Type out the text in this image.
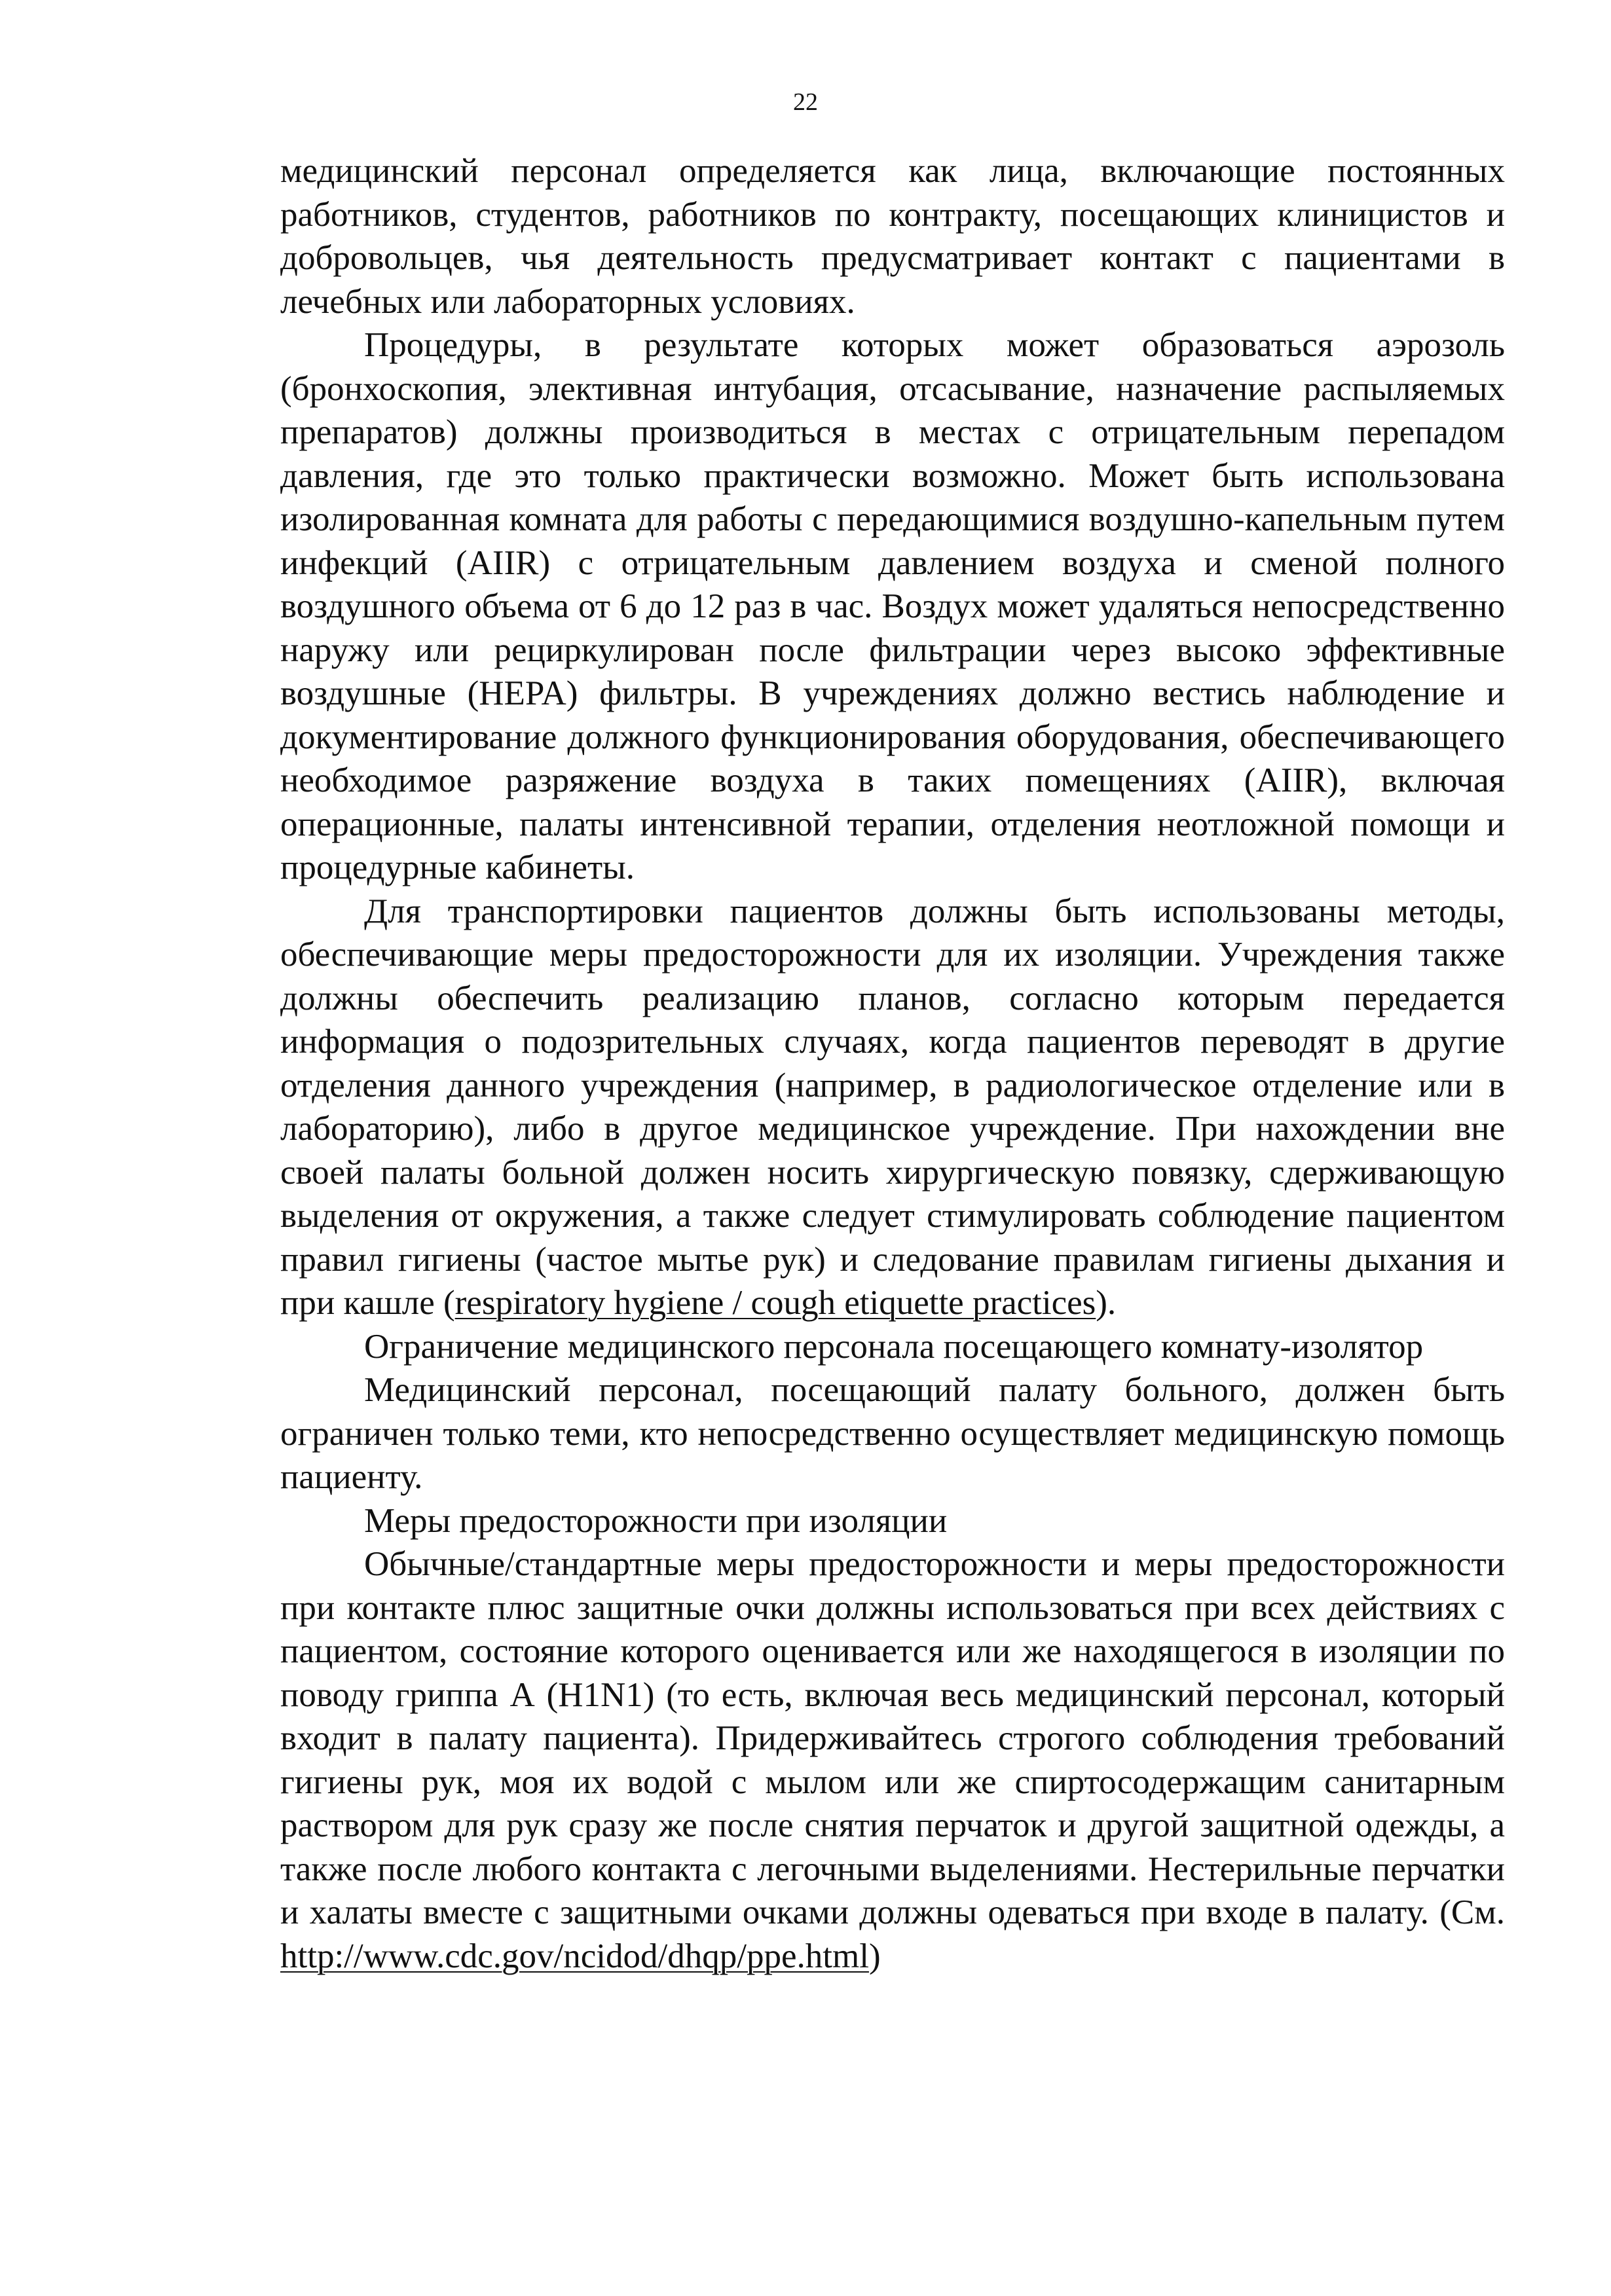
22

медицинский персонал определяется как лица, включающие постоянных работников, студентов, работников по контракту, посещающих клиницистов и добровольцев, чья деятельность предусматривает контакт с пациентами в лечебных или лабораторных условиях.

Процедуры, в результате которых может образоваться аэрозоль (бронхоскопия, элективная интубация, отсасывание, назначение распыляемых препаратов) должны производиться в местах с отрицательным перепадом давления, где это только практически возможно. Может быть использована изолированная комната для работы с передающимися воздушно-капельным путем инфекций (AIIR) с отрицательным давлением воздуха и сменой полного воздушного объема от 6 до 12 раз в час. Воздух может удаляться непосредственно наружу или рециркулирован после фильтрации через высоко эффективные воздушные (HEPA) фильтры. В учреждениях должно вестись наблюдение и документирование должного функционирования оборудования, обеспечивающего необходимое разряжение воздуха в таких помещениях (AIIR), включая операционные, палаты интенсивной терапии, отделения неотложной помощи и процедурные кабинеты.

Для транспортировки пациентов должны быть использованы методы, обеспечивающие меры предосторожности для их изоляции. Учреждения также должны обеспечить реализацию планов, согласно которым передается информация о подозрительных случаях, когда пациентов переводят в другие отделения данного учреждения (например, в радиологическое отделение или в лабораторию), либо в другое медицинское учреждение. При нахождении вне своей палаты больной должен носить хирургическую повязку, сдерживающую выделения от окружения, а также следует стимулировать соблюдение пациентом правил гигиены (частое мытье рук) и следование правилам гигиены дыхания и при кашле (respiratory hygiene / cough etiquette practices).

Ограничение медицинского персонала посещающего комнату-изолятор

Медицинский персонал, посещающий палату больного, должен быть ограничен только теми, кто непосредственно осуществляет медицинскую помощь пациенту.

Меры предосторожности при изоляции

Обычные/стандартные меры предосторожности и меры предосторожности при контакте плюс защитные очки должны использоваться при всех действиях с пациентом, состояние которого оценивается или же находящегося в изоляции по поводу гриппа А (H1N1) (то есть, включая весь медицинский персонал, который входит в палату пациента). Придерживайтесь строгого соблюдения требований гигиены рук, моя их водой с мылом или же спиртосодержащим санитарным раствором для рук сразу же после снятия перчаток и другой защитной одежды, а также после любого контакта с легочными выделениями. Нестерильные перчатки и халаты вместе с защитными очками должны одеваться при входе в палату. (См. http://www.cdc.gov/ncidod/dhqp/ppe.html)
